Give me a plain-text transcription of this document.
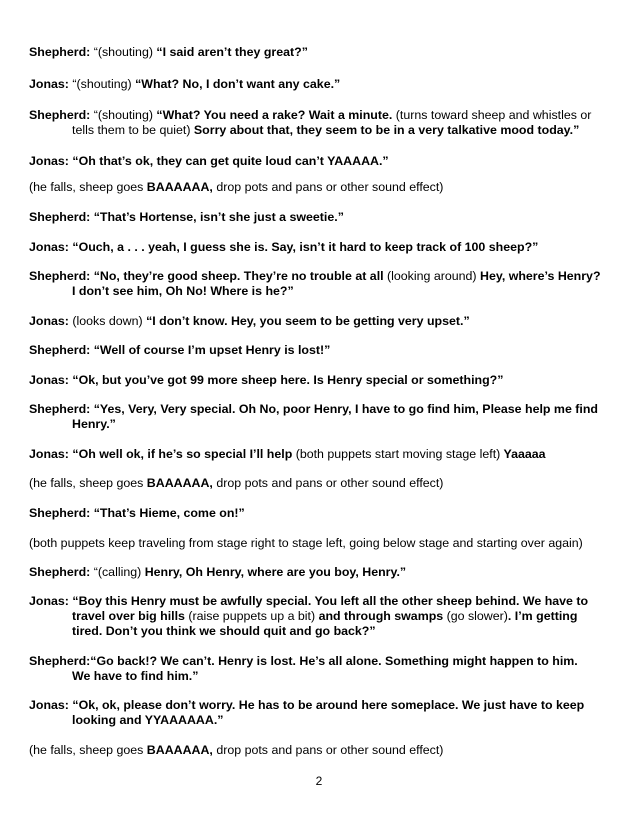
Shepherd: “(shouting) “I said aren’t they great?”

Jonas: “(shouting) “What? No, I don’t want any cake.”

Shepherd: “(shouting) “What? You need a rake? Wait a minute. (turns toward sheep and whistles or
tells them to be quiet) Sorry about that, they seem to be in a very talkative mood today.”

Jonas: “Oh that’s ok, they can get quite loud can’t YAAAAA.”

(he falls, sheep goes BAAAAAA, drop pots and pans or other sound effect)

Shepherd: “That’s Hortense, isn’t she just a sweetie.”

Jonas: “Ouch, a . . . yeah, I guess she is. Say, isn’t it hard to keep track of 100 sheep?”

Shepherd: “No, they’re good sheep. They’re no trouble at all (looking around) Hey, where’s Henry?
I don’t see him, Oh No! Where is he?”

Jonas: (looks down) “I don’t know. Hey, you seem to be getting very upset.”

Shepherd: “Well of course I’m upset Henry is lost!”

Jonas: “Ok, but you’ve got 99 more sheep here. Is Henry special or something?”

Shepherd: “Yes, Very, Very special. Oh No, poor Henry, I have to go find him, Please help me find
Henry.”

Jonas: “Oh well ok, if he’s so special I’ll help (both puppets start moving stage left) Yaaaaa

(he falls, sheep goes BAAAAAA, drop pots and pans or other sound effect)

Shepherd: “That’s Hieme, come on!”

(both puppets keep traveling from stage right to stage left, going below stage and starting over again)

Shepherd: “(calling) Henry, Oh Henry, where are you boy, Henry.”

Jonas: “Boy this Henry must be awfully special. You left all the other sheep behind. We have to
travel over big hills (raise puppets up a bit) and through swamps (go slower). I’m getting
tired. Don’t you think we should quit and go back?”

Shepherd:“Go back!? We can’t. Henry is lost. He’s all alone. Something might happen to him.
We have to find him.”

Jonas: “Ok, ok, please don’t worry. He has to be around here someplace. We just have to keep
looking and YYAAAAAA.”

(he falls, sheep goes BAAAAAA, drop pots and pans or other sound effect)

2
